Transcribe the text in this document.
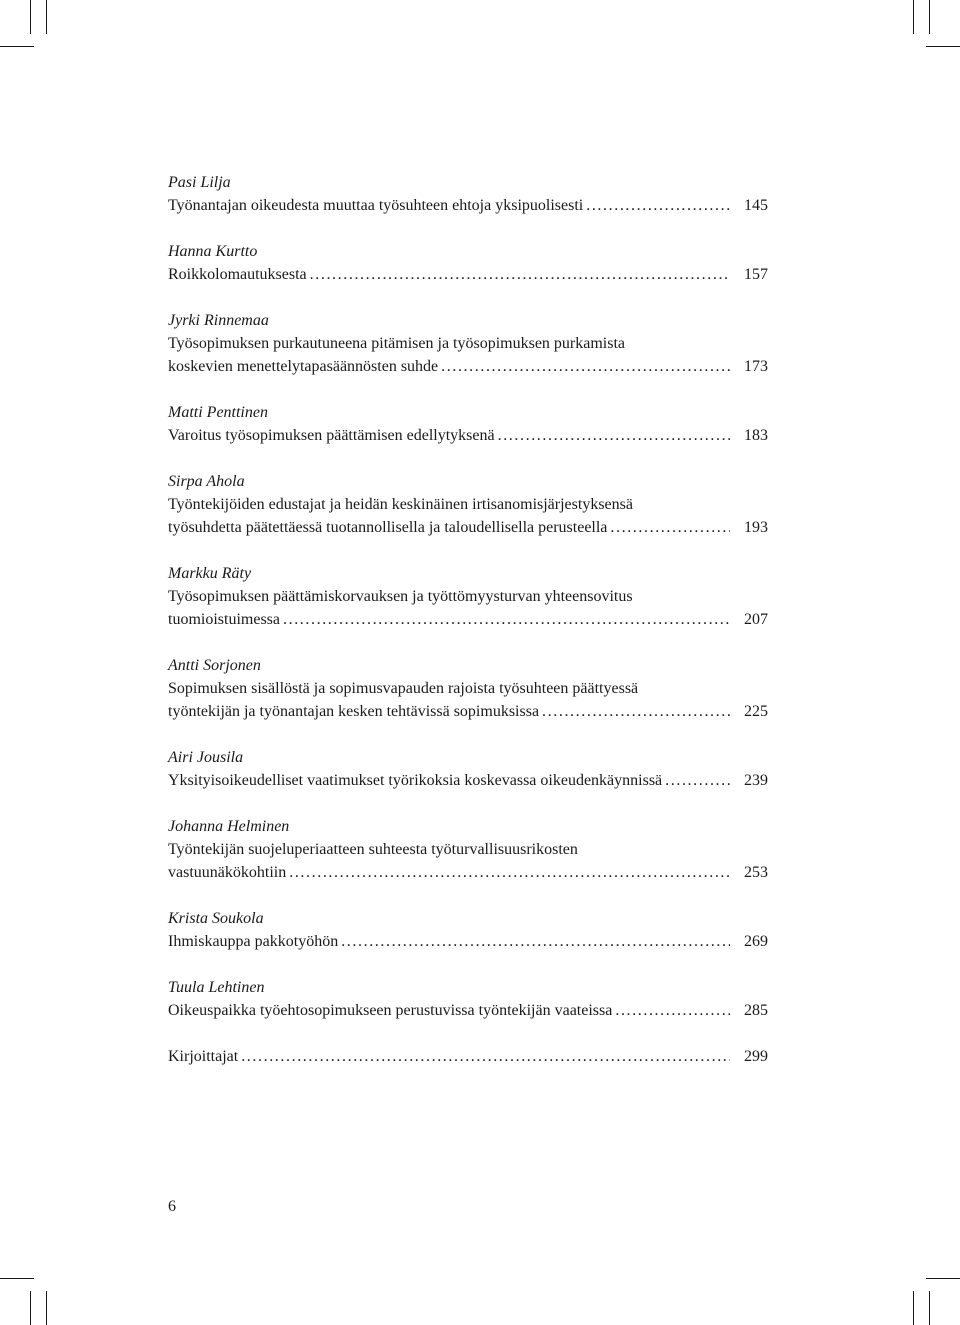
Pasi Lilja
Työnantajan oikeudesta muuttaa työsuhteen ehtoja yksipuolisesti . . .	145
Hanna Kurtto
Roikkolomautuksesta . . .	157
Jyrki Rinnemaa
Työsopimuksen purkautuneena pitämisen ja työsopimuksen purkamista
koskevien menettelytapasäännösten suhde . . .	173
Matti Penttinen
Varoitus työsopimuksen päättämisen edellytyksenä . . .	183
Sirpa Ahola
Työntekijöiden edustajat ja heidän keskinäinen irtisanomisjärjestyksensä
työsuhdetta päätettäessä tuotannollisella ja taloudellisella perusteella . . .	193
Markku Räty
Työsopimuksen päättämiskorvauksen ja työttömyysturvan yhteensovitus
tuomioistuimessa . . .	207
Antti Sorjonen
Sopimuksen sisällöstä ja sopimusvapauden rajoista työsuhteen päättyessä
työntekijän ja työnantajan kesken tehtävissä sopimuksissa . . .	225
Airi Jousila
Yksityisoikeudelliset vaatimukset työrikoksia koskevassa oikeudenkäynnissä . . .	239
Johanna Helminen
Työntekijän suojeluperiaatteen suhteesta työturvallisuusrikosten
vastuunäkökohtiin . . .	253
Krista Soukola
Ihmiskauppa pakkotyöhön . . .	269
Tuula Lehtinen
Oikeuspaikka työehtosopimukseen perustuvissa työntekijän vaateissa . . .	285
Kirjoittajat . . .	299
6
